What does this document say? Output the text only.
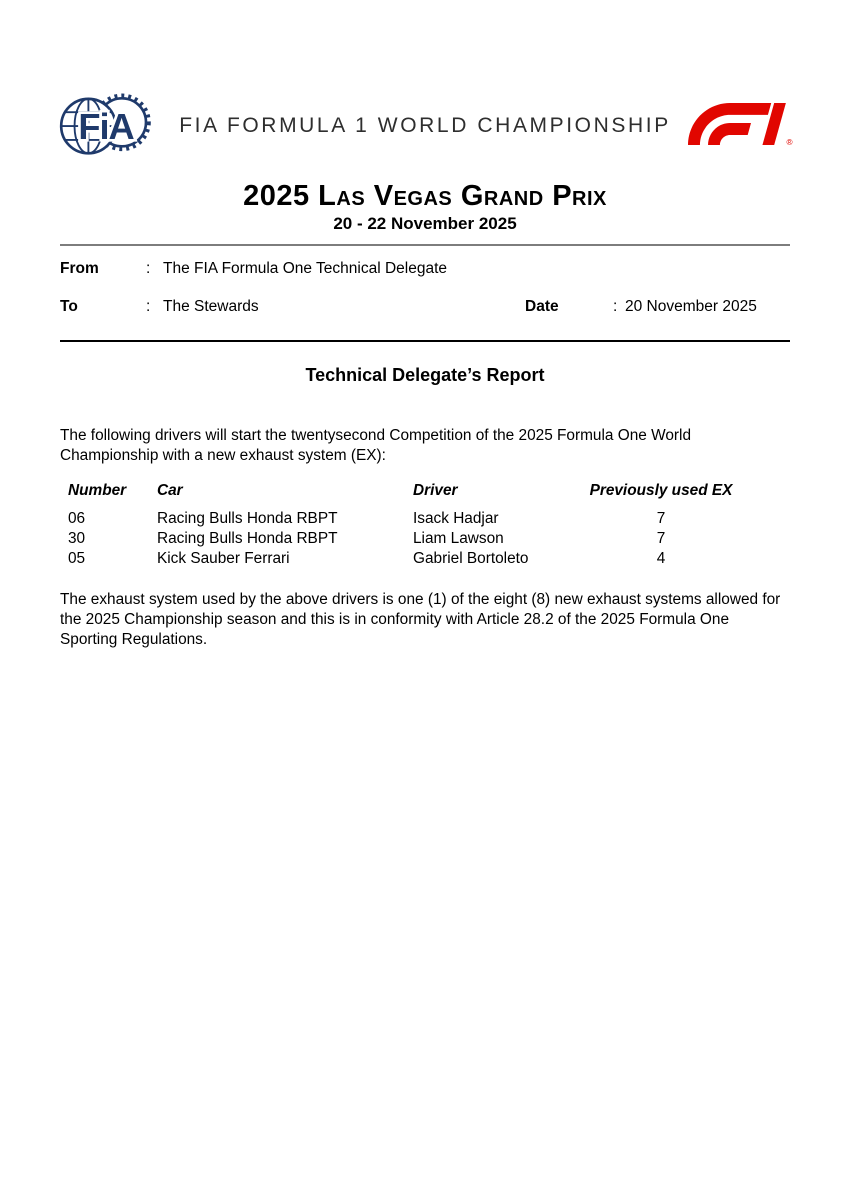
FiA	FIA FORMULA 1 WORLD CHAMPIONSHIP
®
2025 Las Vegas Grand Prix
20 - 22 November 2025
From	: The FIA Formula One Technical Delegate
To	: The Stewards	Date	: 20 November 2025
Technical Delegate’s Report

The following drivers will start the twentysecond Competition of the 2025 Formula One World Championship with a new exhaust system (EX):

Number	Car	Driver	Previously used EX
06	Racing Bulls Honda RBPT	Isack Hadjar	7
30	Racing Bulls Honda RBPT	Liam Lawson	7
05	Kick Sauber Ferrari	Gabriel Bortoleto	4

The exhaust system used by the above drivers is one (1) of the eight (8) new exhaust systems allowed for the 2025 Championship season and this is in conformity with Article 28.2 of the 2025 Formula One Sporting Regulations.
